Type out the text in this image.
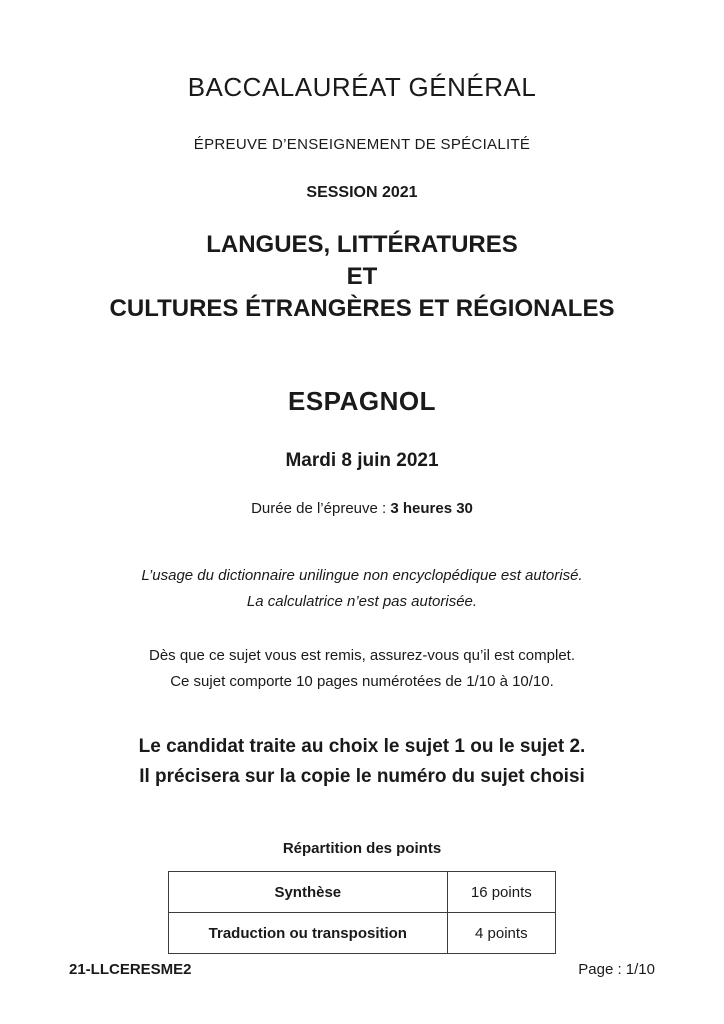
BACCALAURÉAT GÉNÉRAL
ÉPREUVE D’ENSEIGNEMENT DE SPÉCIALITÉ
SESSION 2021
LANGUES, LITTÉRATURES
ET
CULTURES ÉTRANGÈRES ET RÉGIONALES
ESPAGNOL
Mardi 8 juin 2021
Durée de l’épreuve : 3 heures 30
L’usage du dictionnaire unilingue non encyclopédique est autorisé.
La calculatrice n’est pas autorisée.
Dès que ce sujet vous est remis, assurez-vous qu’il est complet.
Ce sujet comporte 10 pages numérotées de 1/10 à 10/10.
Le candidat traite au choix le sujet 1 ou le sujet 2.
Il précisera sur la copie le numéro du sujet choisi
Répartition des points
Synthèse	16 points
Traduction ou transposition	4 points
21-LLCERESME2	Page : 1/10
